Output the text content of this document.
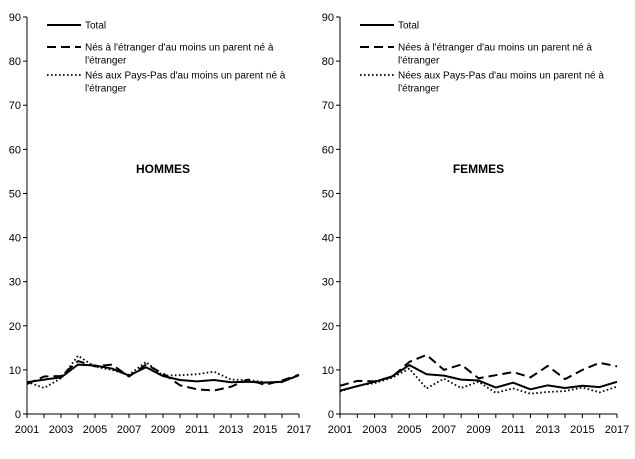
0
10
20
30
40
50
60
70
80
90
2001 2003 2005 2007 2009 2011 2013 2015 2017
Total
Nés à l'étranger d'au moins un parent né à
l'étranger
Nés aux Pays-Pas d'au moins un parent né à
l'étranger
HOMMES
0
10
20
30
40
50
60
70
80
90
2001 2003 2005 2007 2009 2011 2013 2015 2017
Total
Nées à l'étranger d'au moins un parent né à
l'étranger
Nées aux Pays-Pas d'au moins un parent né à
l'étranger
FEMMES
